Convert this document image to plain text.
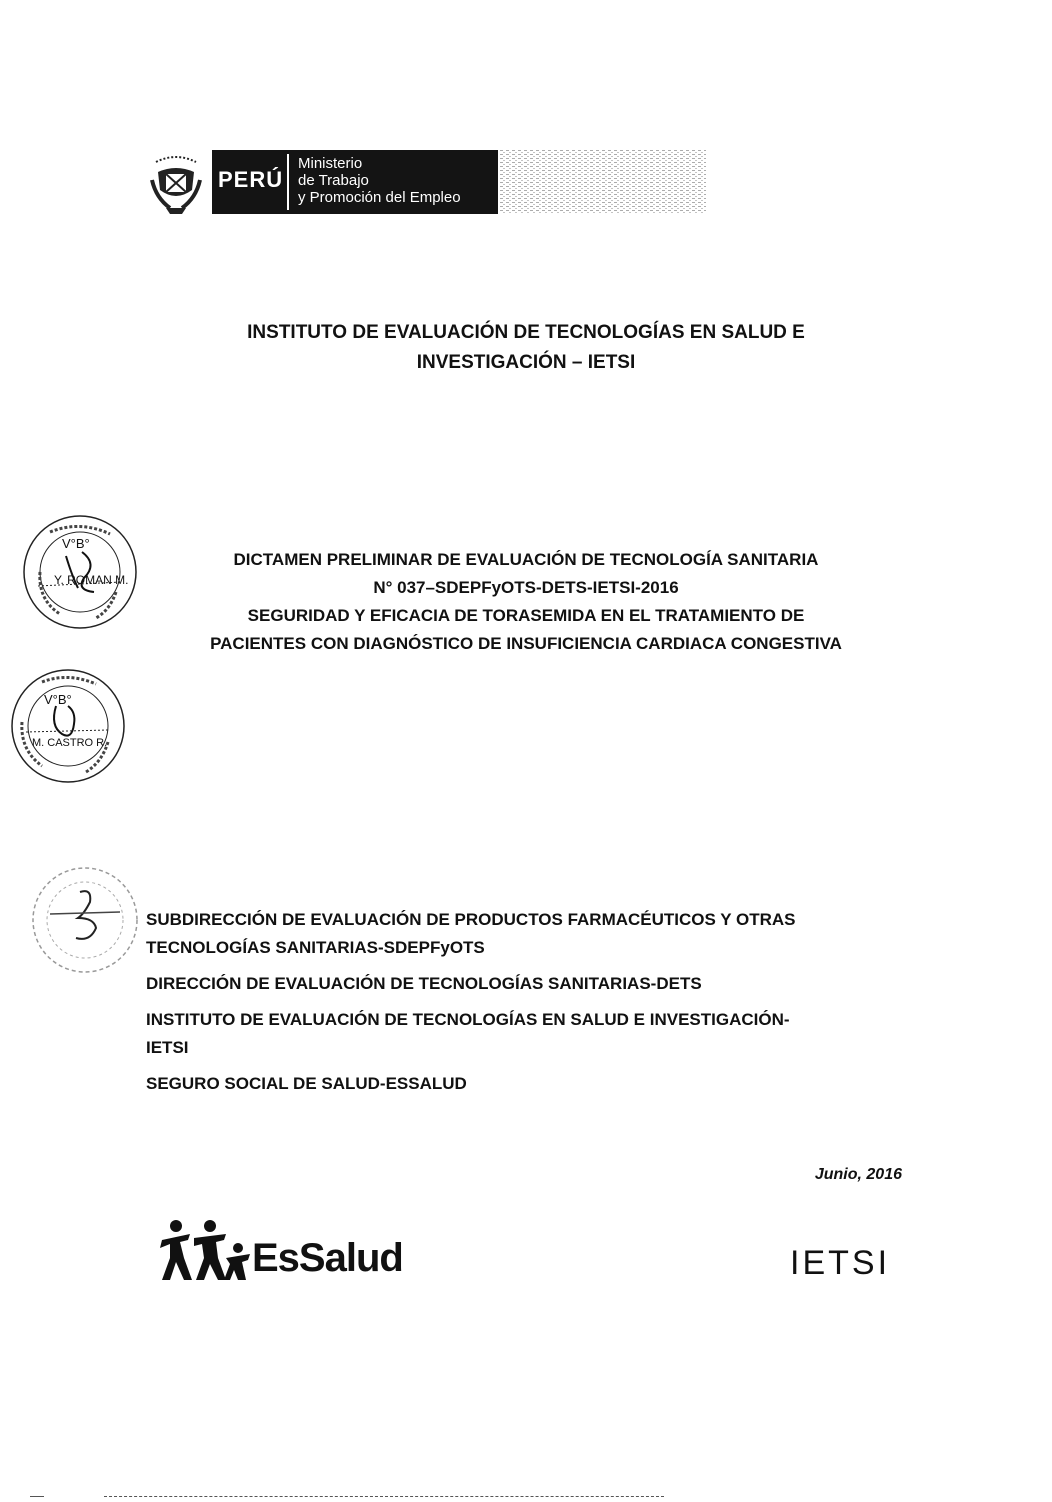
PERÚ
Ministerio
de Trabajo
y Promoción del Empleo
INSTITUTO DE EVALUACIÓN DE TECNOLOGÍAS EN SALUD E
INVESTIGACIÓN – IETSI
V°B°
Y. ROMAN M.
V°B°
M. CASTRO R.
DICTAMEN PRELIMINAR DE EVALUACIÓN DE TECNOLOGÍA SANITARIA
N° 037–SDEPFyOTS-DETS-IETSI-2016
SEGURIDAD Y EFICACIA DE TORASEMIDA EN EL TRATAMIENTO DE
PACIENTES CON DIAGNÓSTICO DE INSUFICIENCIA CARDIACA CONGESTIVA
SUBDIRECCIÓN DE EVALUACIÓN DE PRODUCTOS FARMACÉUTICOS Y OTRAS
TECNOLOGÍAS SANITARIAS-SDEPFyOTS
DIRECCIÓN DE EVALUACIÓN DE TECNOLOGÍAS SANITARIAS-DETS
INSTITUTO DE EVALUACIÓN DE TECNOLOGÍAS EN SALUD E INVESTIGACIÓN-
IETSI
SEGURO SOCIAL DE SALUD-ESSALUD
Junio, 2016
EsSalud	IETSI
